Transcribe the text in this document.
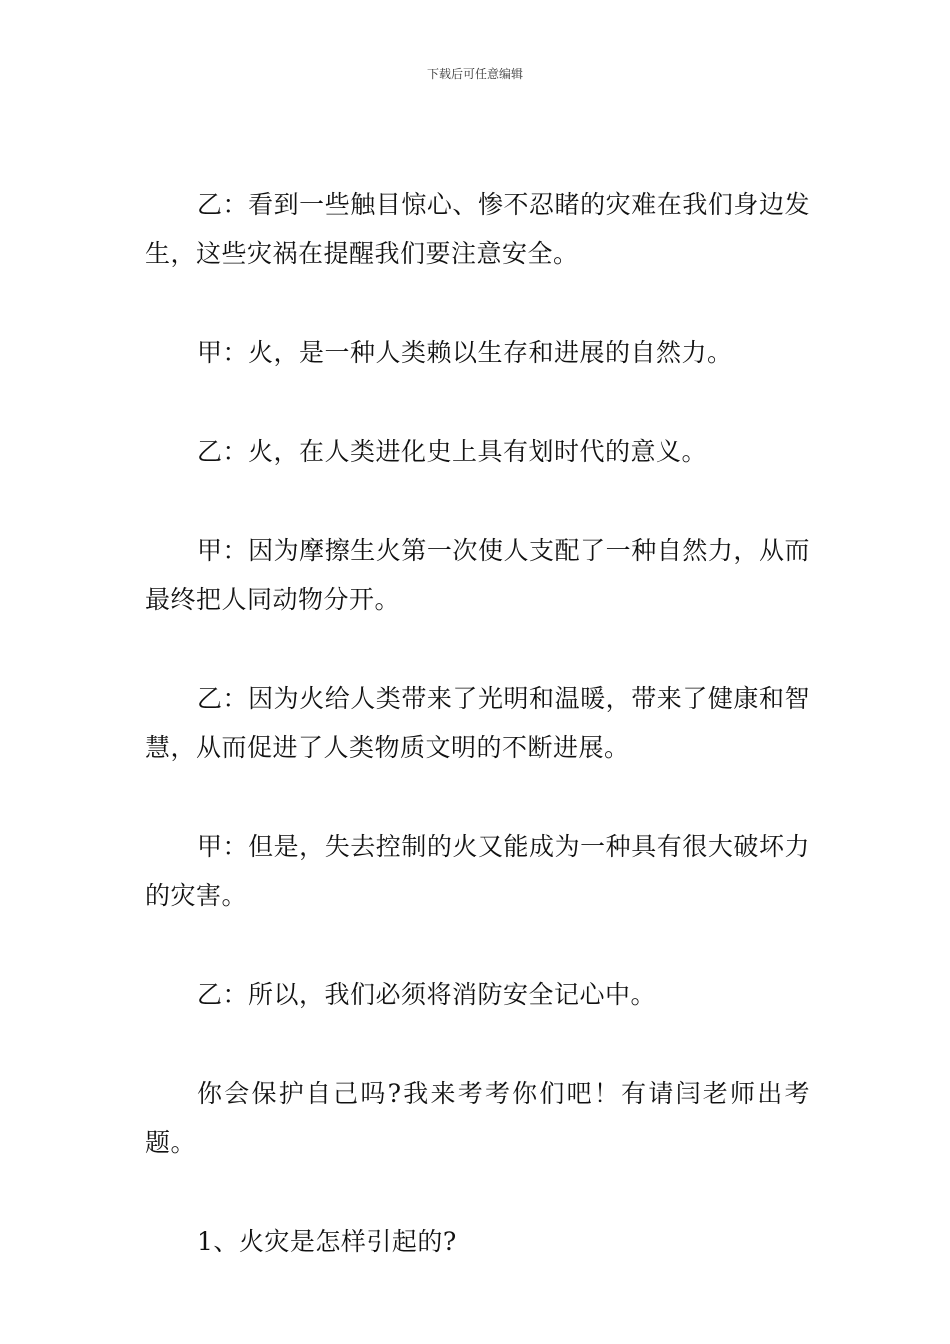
下载后可任意编辑

乙：看到一些触目惊心、惨不忍睹的灾难在我们身边发生，这些灾祸在提醒我们要注意安全。

甲：火，是一种人类赖以生存和进展的自然力。

乙：火，在人类进化史上具有划时代的意义。

甲：因为摩擦生火第一次使人支配了一种自然力，从而最终把人同动物分开。

乙：因为火给人类带来了光明和温暖，带来了健康和智慧，从而促进了人类物质文明的不断进展。

甲：但是，失去控制的火又能成为一种具有很大破坏力的灾害。

乙：所以，我们必须将消防安全记心中。

你会保护自己吗?我来考考你们吧！有请闫老师出考题。

1、火灾是怎样引起的?
